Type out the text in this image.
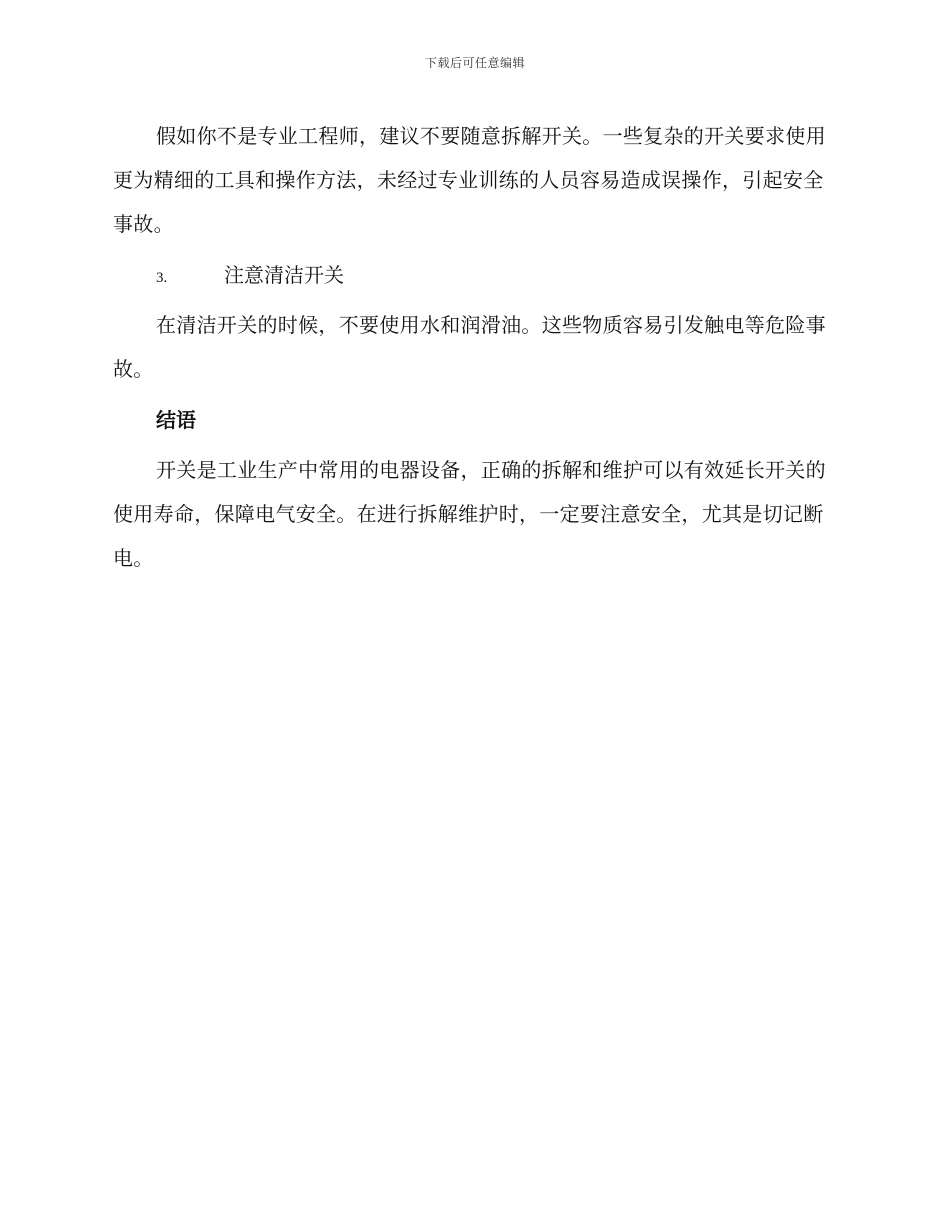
下载后可任意编辑

假如你不是专业工程师，建议不要随意拆解开关。一些复杂的开关要求使用更为精细的工具和操作方法，未经过专业训练的人员容易造成误操作，引起安全事故。

3.	注意清洁开关

在清洁开关的时候，不要使用水和润滑油。这些物质容易引发触电等危险事故。

结语

开关是工业生产中常用的电器设备，正确的拆解和维护可以有效延长开关的使用寿命，保障电气安全。在进行拆解维护时，一定要注意安全，尤其是切记断电。
